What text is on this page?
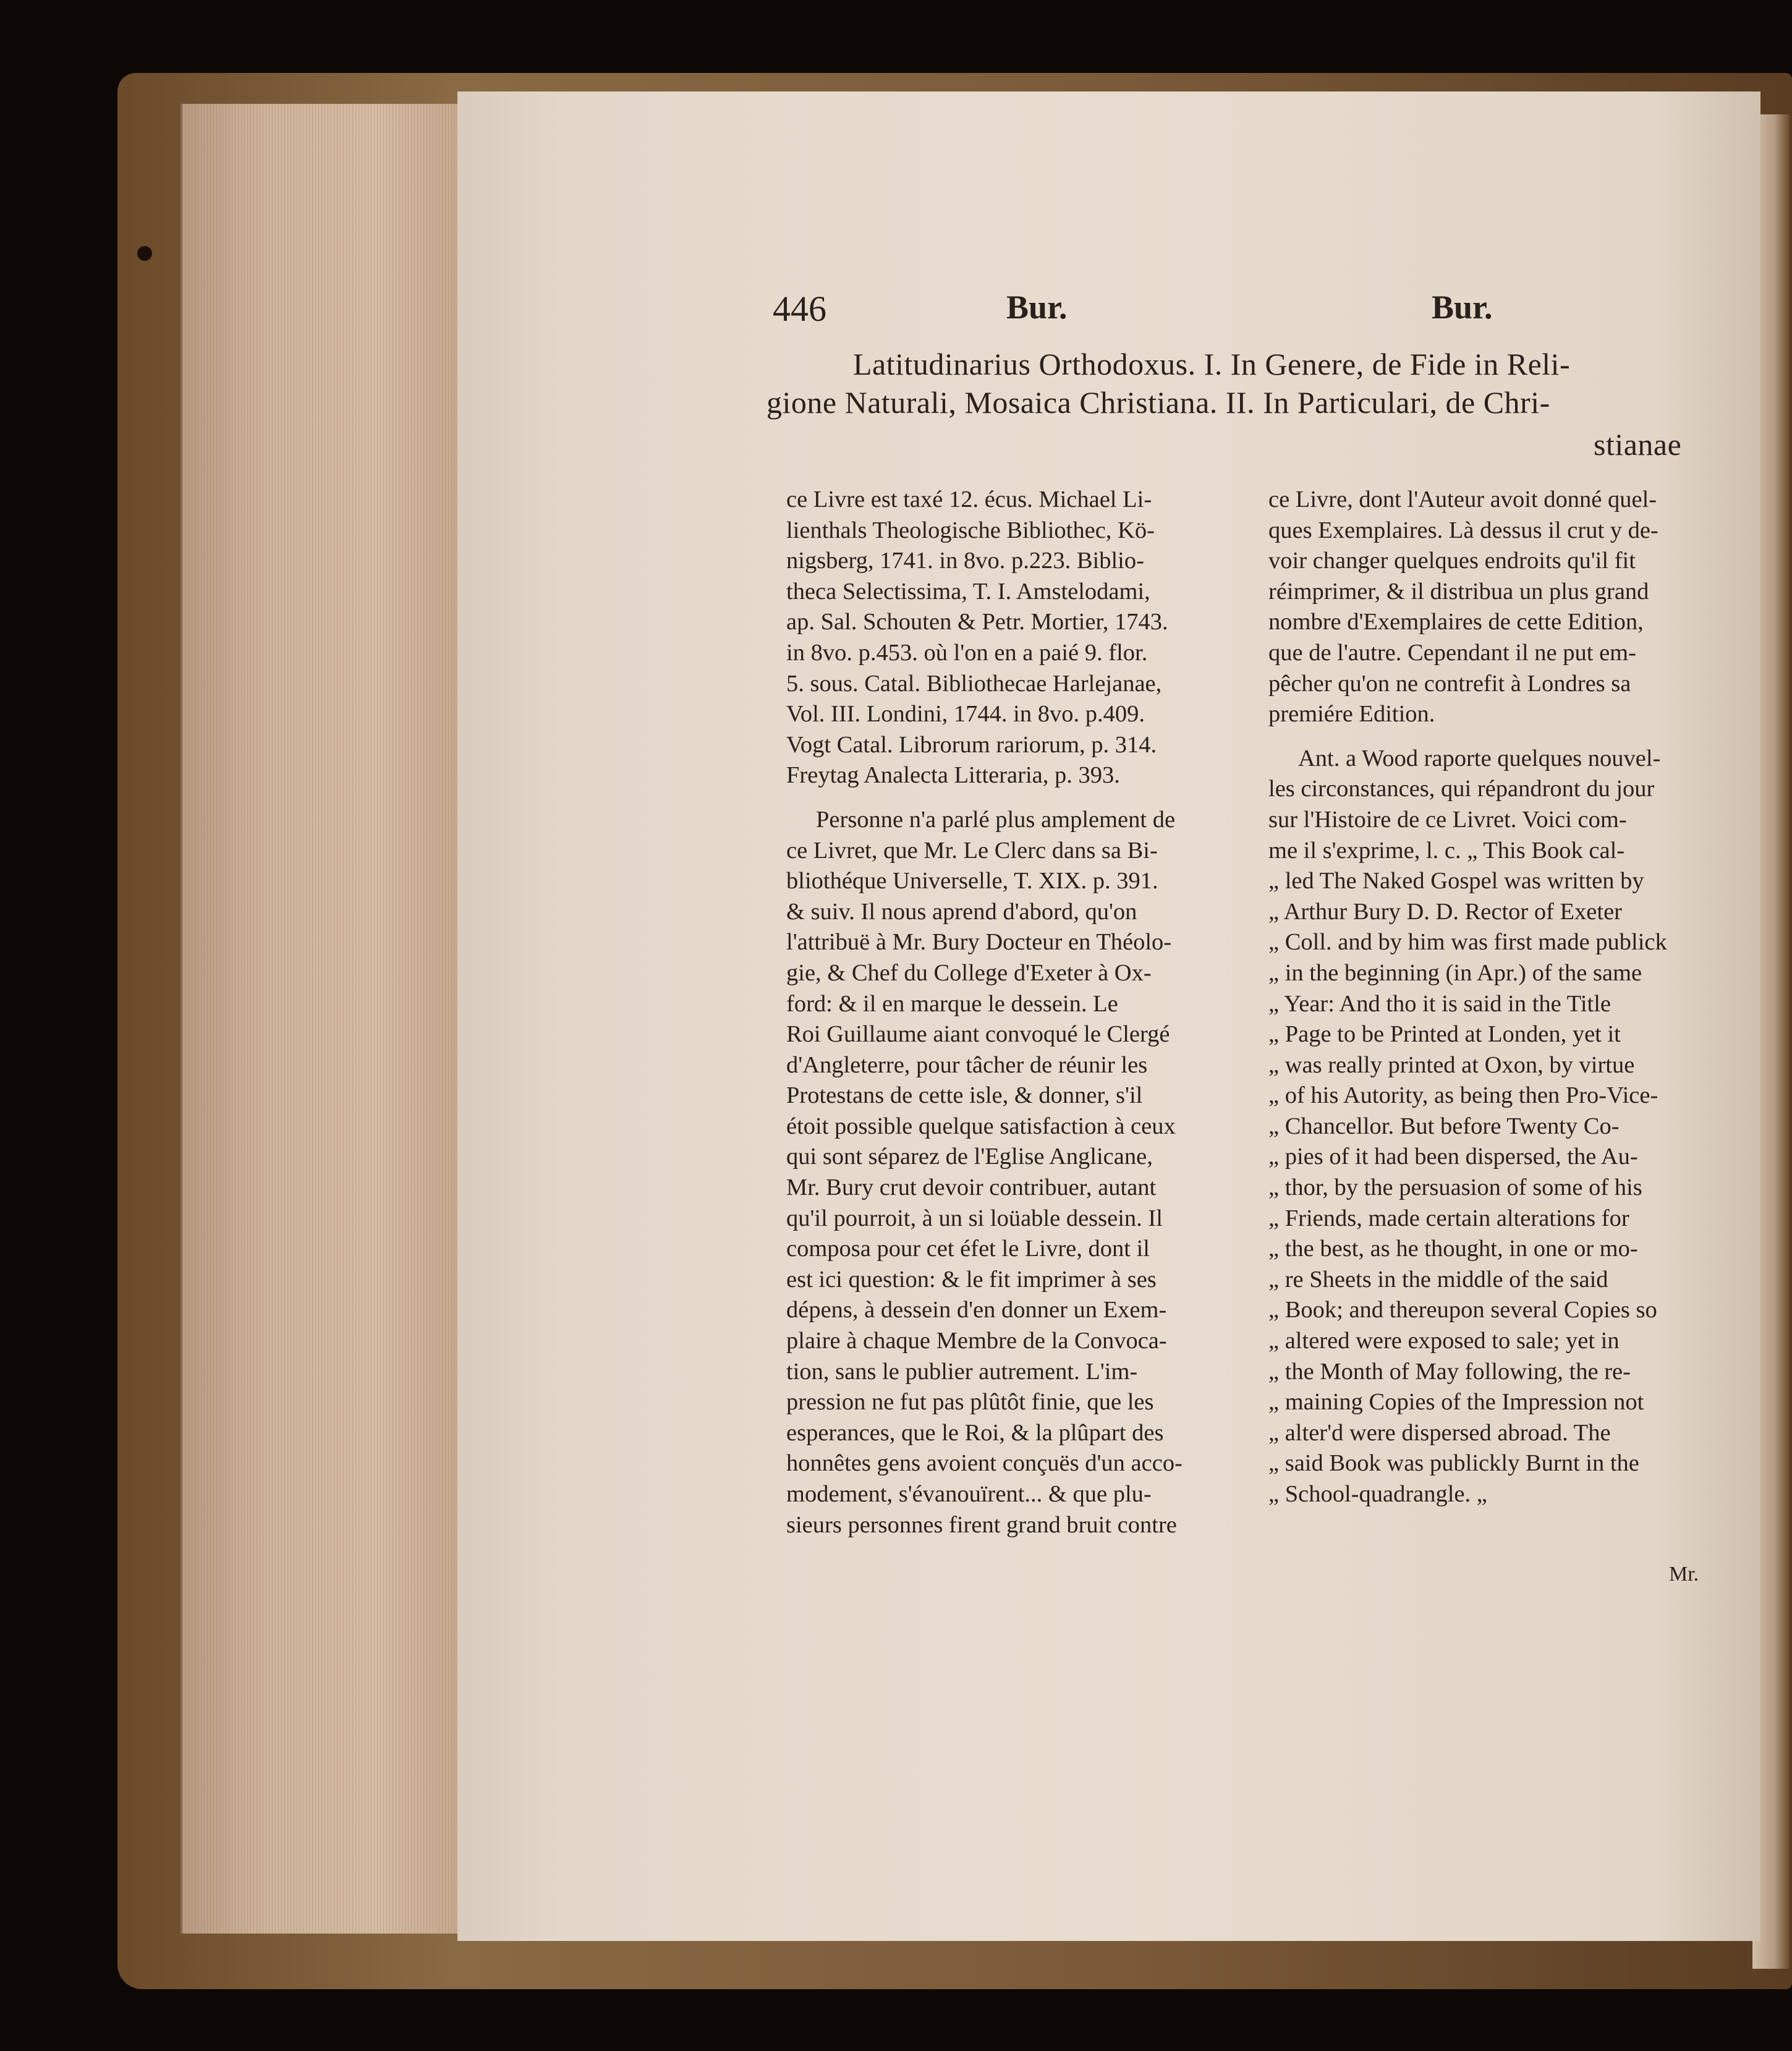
446	Bur.	Bur.
Latitudinarius Orthodoxus. I. In Genere, de Fide in Reli-
gione Naturali, Mosaica Christiana. II. In Particulari, de Chri-
stianae

ce Livre est taxé 12. écus. Michael Li-

lienthals Theologische Bibliothec, Kö-

nigsberg, 1741. in 8vo. p.223. Biblio-

theca Selectissima, T. I. Amstelodami,

ap. Sal. Schouten & Petr. Mortier, 1743.

in 8vo. p.453. où l'on en a paié 9. flor.

5. sous. Catal. Bibliothecae Harlejanae,

Vol. III. Londini, 1744. in 8vo. p.409.

Vogt Catal. Librorum rariorum, p. 314.

Freytag Analecta Litteraria, p. 393.

Personne n'a parlé plus amplement de

ce Livret, que Mr. Le Clerc dans sa Bi-

bliothéque Universelle, T. XIX. p. 391.

& suiv. Il nous aprend d'abord, qu'on

l'attribuë à Mr. Bury Docteur en Théolo-

gie, & Chef du College d'Exeter à Ox-

ford: & il en marque le dessein. Le

Roi Guillaume aiant convoqué le Clergé

d'Angleterre, pour tâcher de réunir les

Protestans de cette isle, & donner, s'il

étoit possible quelque satisfaction à ceux

qui sont séparez de l'Eglise Anglicane,

Mr. Bury crut devoir contribuer, autant

qu'il pourroit, à un si loüable dessein. Il

composa pour cet éfet le Livre, dont il

est ici question: & le fit imprimer à ses

dépens, à dessein d'en donner un Exem-

plaire à chaque Membre de la Convoca-

tion, sans le publier autrement. L'im-

pression ne fut pas plûtôt finie, que les

esperances, que le Roi, & la plûpart des

honnêtes gens avoient conçuës d'un acco-

modement, s'évanouïrent... & que plu-

sieurs personnes firent grand bruit contre

ce Livre, dont l'Auteur avoit donné quel-

ques Exemplaires. Là dessus il crut y de-

voir changer quelques endroits qu'il fit

réimprimer, & il distribua un plus grand

nombre d'Exemplaires de cette Edition,

que de l'autre. Cependant il ne put em-

pêcher qu'on ne contrefit à Londres sa

premiére Edition.

Ant. a Wood raporte quelques nouvel-

les circonstances, qui répandront du jour

sur l'Histoire de ce Livret. Voici com-

me il s'exprime, l. c. „ This Book cal-

„ led The Naked Gospel was written by

„ Arthur Bury D. D. Rector of Exeter

„ Coll. and by him was first made publick

„ in the beginning (in Apr.) of the same

„ Year: And tho it is said in the Title

„ Page to be Printed at Londen, yet it

„ was really printed at Oxon, by virtue

„ of his Autority, as being then Pro-Vice-

„ Chancellor. But before Twenty Co-

„ pies of it had been dispersed, the Au-

„ thor, by the persuasion of some of his

„ Friends, made certain alterations for

„ the best, as he thought, in one or mo-

„ re Sheets in the middle of the said

„ Book; and thereupon several Copies so

„ altered were exposed to sale; yet in

„ the Month of May following, the re-

„ maining Copies of the Impression not

„ alter'd were dispersed abroad. The

„ said Book was publickly Burnt in the

„ School-quadrangle. „

Mr.
